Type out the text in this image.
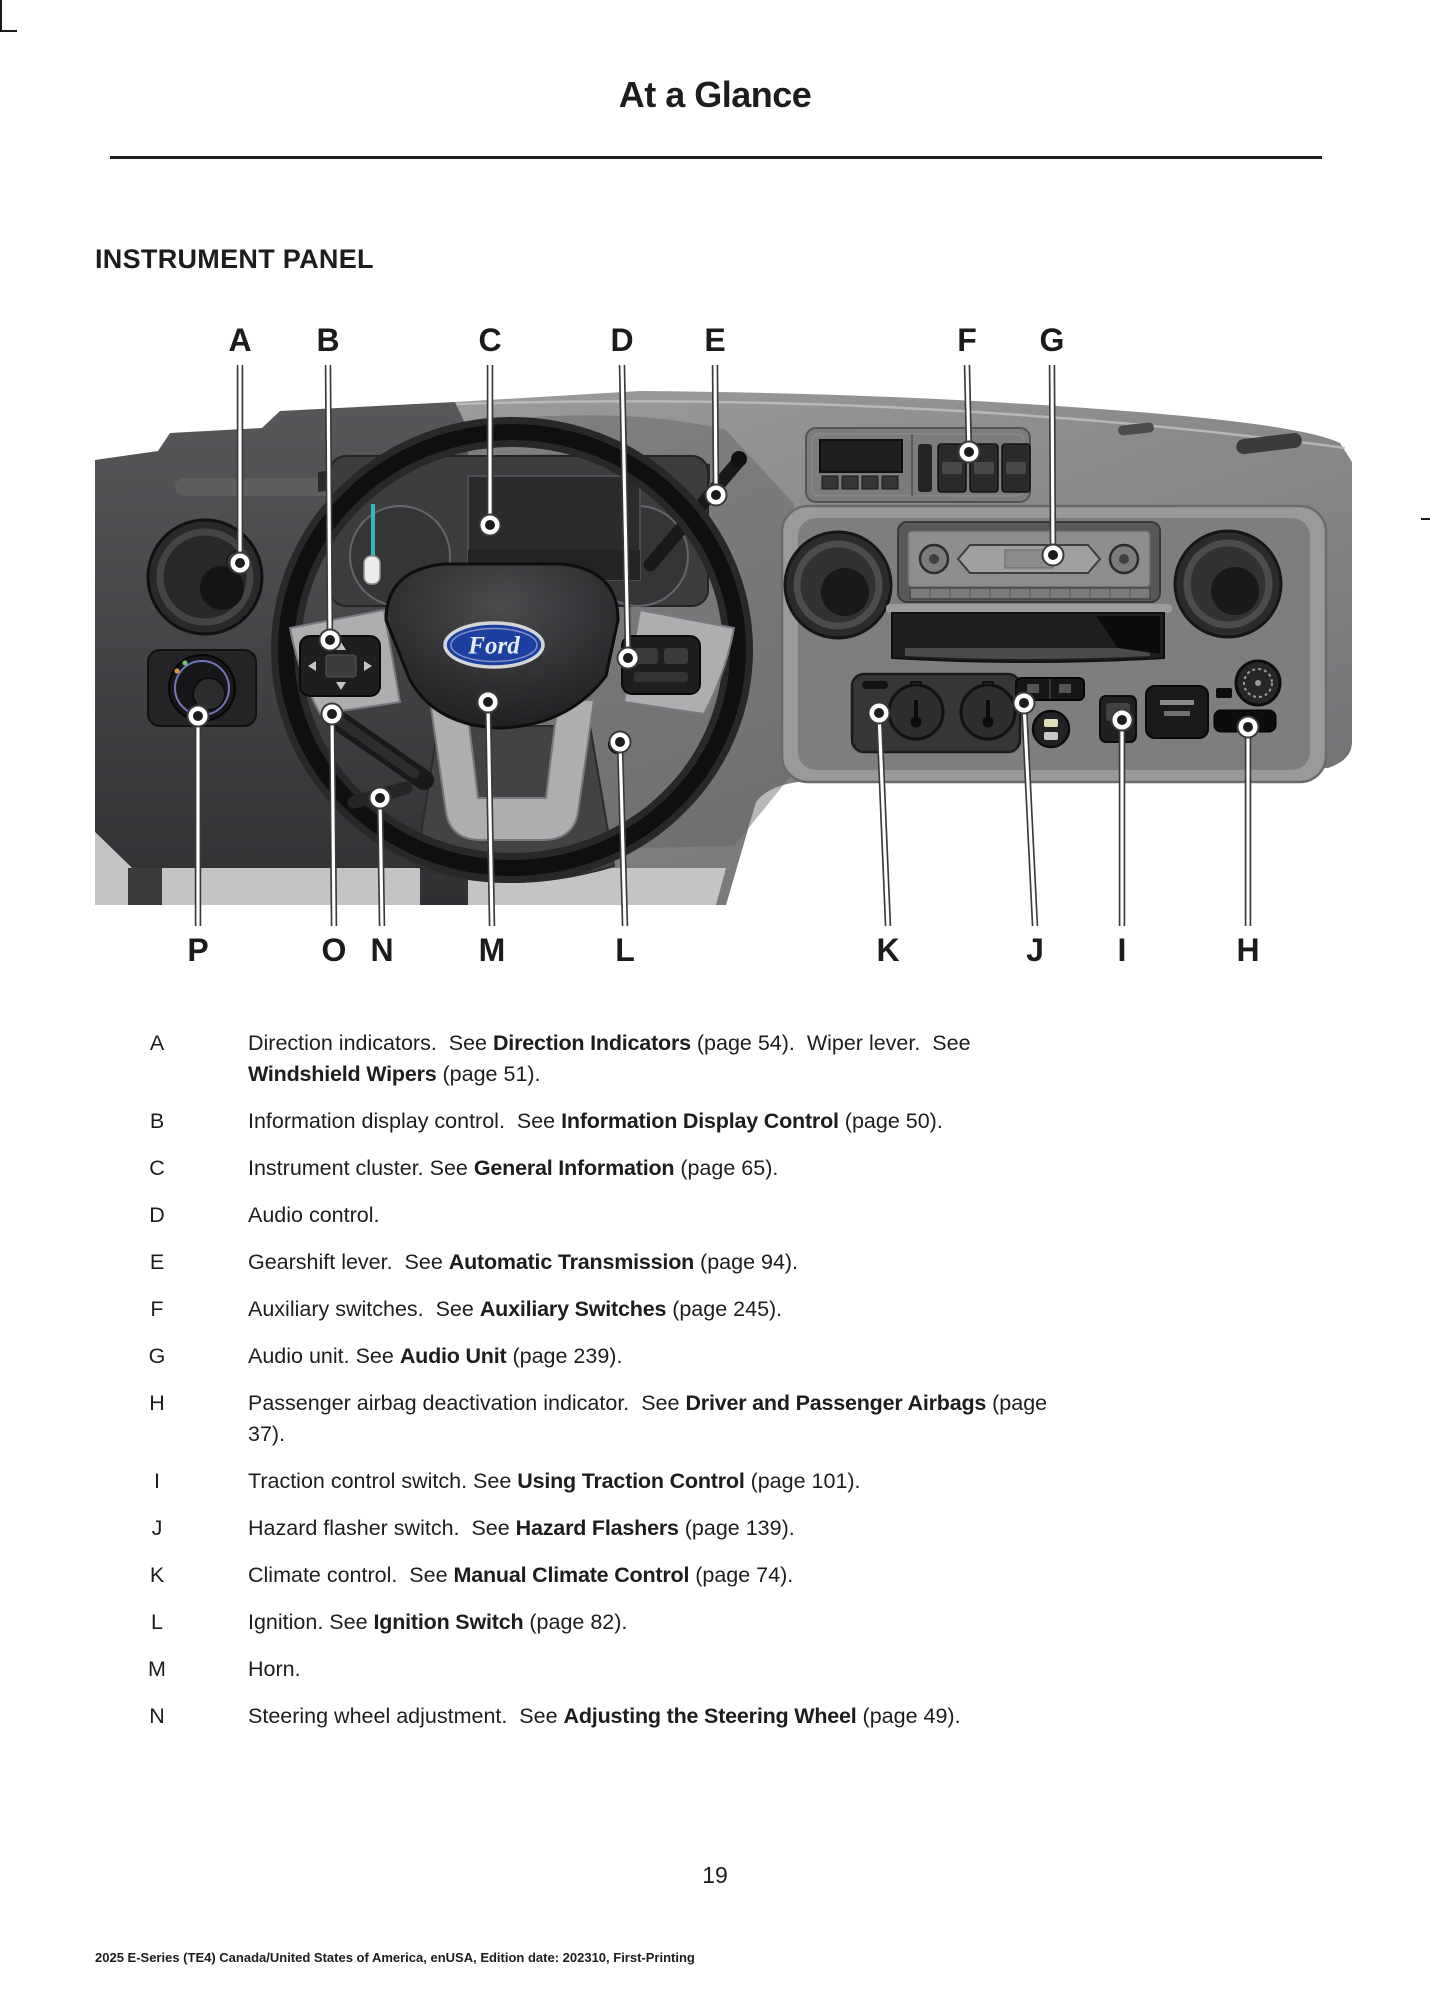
At a Glance
INSTRUMENT PANEL
Ford
A B	C	D E	F G
P	O N	M	L	K	J I	H
A	Direction indicators.  See Direction Indicators (page 54).  Wiper lever.  See Windshield Wipers (page 51).
B	Information display control.  See Information Display Control (page 50).
C	Instrument cluster. See General Information (page 65).
D	Audio control.
E	Gearshift lever.  See Automatic Transmission (page 94).
F	Auxiliary switches.  See Auxiliary Switches (page 245).
G	Audio unit. See Audio Unit (page 239).
H	Passenger airbag deactivation indicator.  See Driver and Passenger Airbags (page 37).
I	Traction control switch. See Using Traction Control (page 101).
J	Hazard flasher switch.  See Hazard Flashers (page 139).
K	Climate control.  See Manual Climate Control (page 74).
L	Ignition. See Ignition Switch (page 82).
M	Horn.
N	Steering wheel adjustment.  See Adjusting the Steering Wheel (page 49).
19
2025 E-Series (TE4) Canada/United States of America, enUSA, Edition date: 202310, First-Printing
